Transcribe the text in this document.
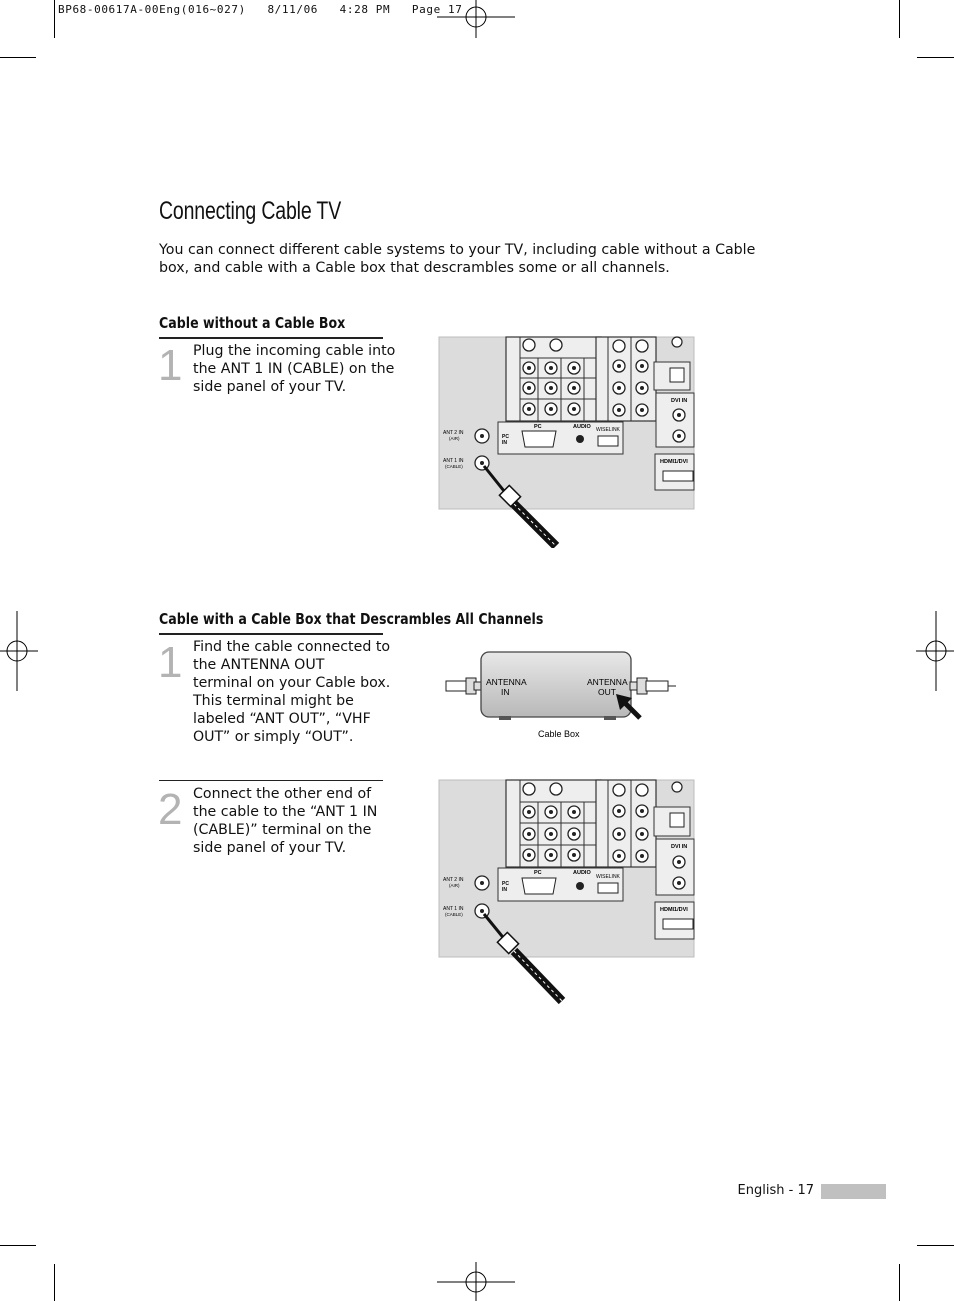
BP68-00617A-00Eng(016~027)   8/11/06   4:28 PM   Page 17
Connecting Cable TV
You can connect different cable systems to your TV, including cable without a Cable box, and cable with a Cable box that descrambles some or all channels.
Cable without a Cable Box
1 Plug the incoming cable into
the ANT 1 IN (CABLE) on the
side panel of your TV.
DVI IN
PC	AUDIO
PC
IN
WISELINK
HDMI1/DVI
ANT 2 IN
(AIR)
ANT 1 IN
(CABLE)
Cable with a Cable Box that Descrambles All Channels
1 Find the cable connected to
the ANTENNA OUT
terminal on your Cable box.
This terminal might be
labeled “ANT OUT”, “VHF
OUT” or simply “OUT”.
ANTENNA
IN
ANTENNA
OUT
Cable Box
2 Connect the other end of
the cable to the “ANT 1 IN
(CABLE)” terminal on the
side panel of your TV.	DVI IN
PC	AUDIO
PC
IN
WISELINK
HDMI1/DVI
ANT 2 IN
(AIR)
ANT 1 IN
(CABLE)
English - 17
